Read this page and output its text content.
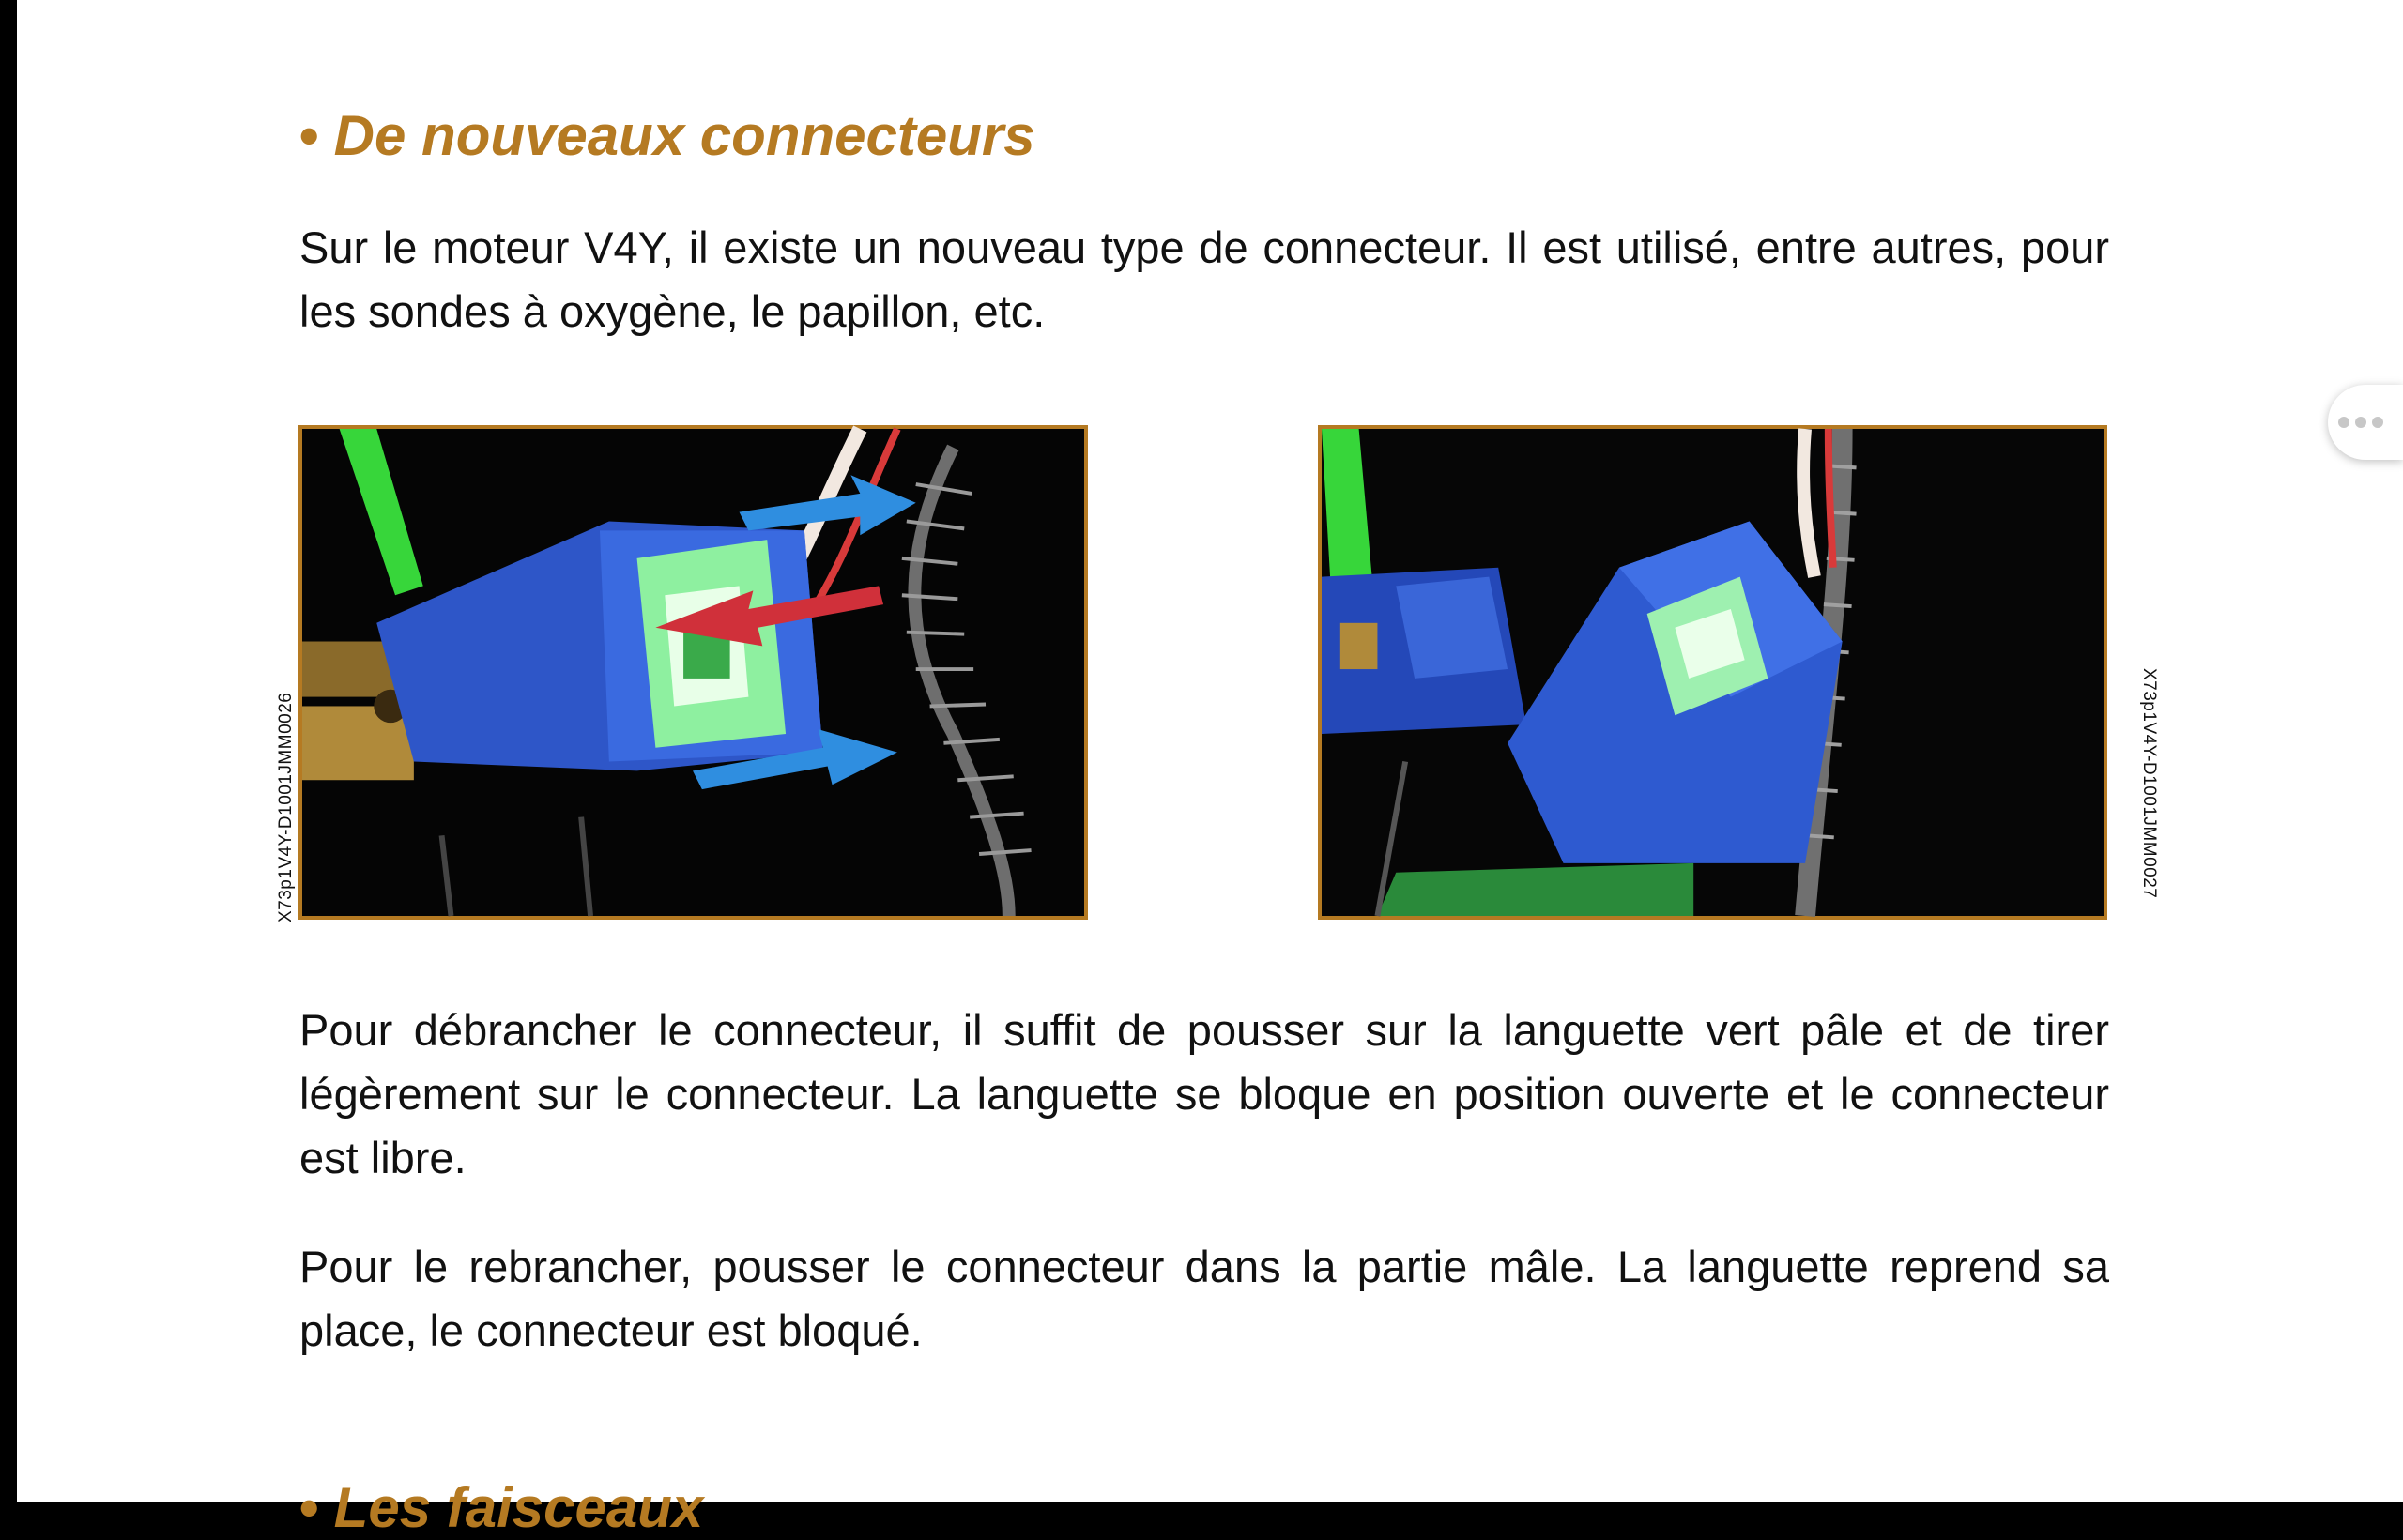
• De nouveaux connecteurs

Sur le moteur V4Y, il existe un nouveau type de connecteur. Il est utilisé, entre autres, pour les sondes à oxygène, le papillon, etc.

X73p1V4Y-D1001JMM0026	X73p1V4Y-D1001JMM0027

Pour débrancher le connecteur, il suffit de pousser sur la languette vert pâle et de tirer légèrement sur le connecteur. La languette se bloque en position ouverte et le connecteur est libre.

Pour le rebrancher, pousser le connecteur dans la partie mâle. La languette reprend sa place, le connecteur est bloqué.

• Les faisceaux
